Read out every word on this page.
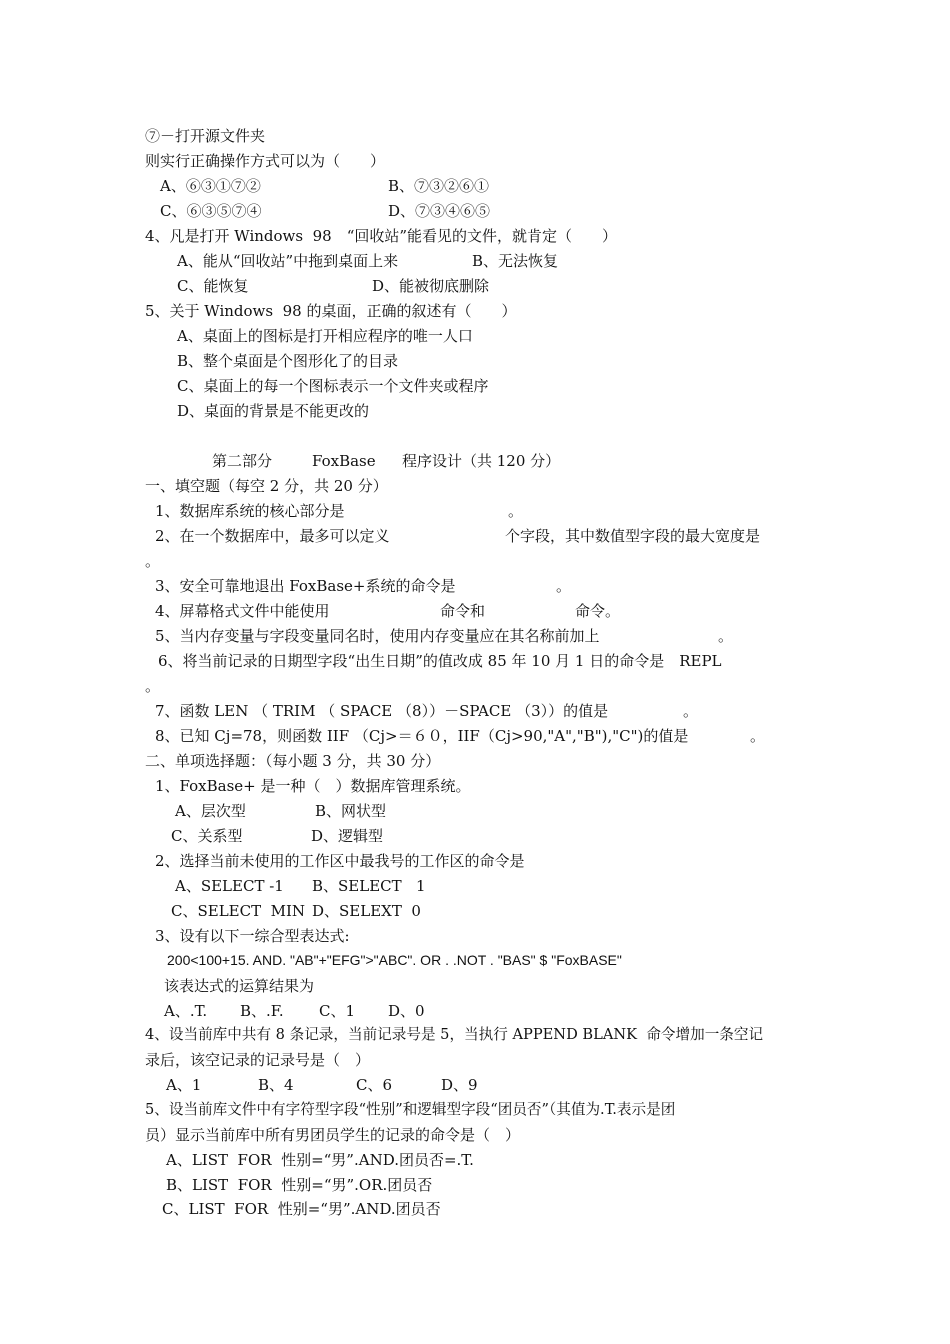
⑦－打开源文件夹
则实行正确操作方式可以为（　　）
A、⑥③①⑦②	B、⑦③②⑥①
C、⑥③⑤⑦④	D、⑦③④⑥⑤
4、凡是打开 Windows  98　“回收站”能看见的文件，就肯定（　　）
A、能从“回收站”中拖到桌面上来	B、无法恢复
C、能恢复	D、能被彻底删除
5、关于 Windows  98 的桌面，正确的叙述有（　　）
A、桌面上的图标是打开相应程序的唯一人口
B、整个桌面是个图形化了的目录
C、桌面上的每一个图标表示一个文件夹或程序
D、桌面的背景是不能更改的
第二部分	FoxBase 程序设计（共 120 分）
一、填空题（每空 2 分，共 20 分）
1、数据库系统的核心部分是	。
2、在一个数据库中，最多可以定义	个字段，其中数值型字段的最大宽度是
。
3、安全可靠地退出 FoxBase+系统的命令是	。
4、屏幕格式文件中能使用	命令和	命令。
5、当内存变量与字段变量同名时，使用内存变量应在其名称前加上	。
6、将当前记录的日期型字段“出生日期”的值改成 85 年 10 月 1 日的命令是　REPL
。
7、函数 LEN （ TRIM （ SPACE （8））－SPACE （3））的值是	。
8、已知 Cj=78，则函数 IIF （Cj>＝６０，IIF（Cj>90,"A","B"),"C")的值是	。
二、单项选择题：（每小题 3 分，共 30 分）
1、FoxBase+ 是一种（　）数据库管理系统。
A、层次型	B、网状型
C、关系型	D、逻辑型
2、选择当前未使用的工作区中最我号的工作区的命令是
A、SELECT -1 B、SELECT   1
C、SELECT  MIN D、SELEXT  0
3、设有以下一综合型表达式:
200<100+15. AND. "AB"+"EFG">"ABC". OR . .NOT . "BAS" $ "FoxBASE"
该表达式的运算结果为
A、.T. B、.F. C、1 D、0
4、设当前库中共有 8 条记录，当前记录号是 5，当执行 APPEND BLANK  命令增加一条空记
录后，该空记录的记录号是（　）
A、1	B、4	C、6	D、9
5、设当前库文件中有字符型字段“性别”和逻辑型字段“团员否”（其值为.T.表示是团
员）显示当前库中所有男团员学生的记录的命令是（　）
A、LIST  FOR  性别=“男”.AND.团员否=.T.
B、LIST  FOR  性别=“男”.OR.团员否
C、LIST  FOR  性别=“男”.AND.团员否
